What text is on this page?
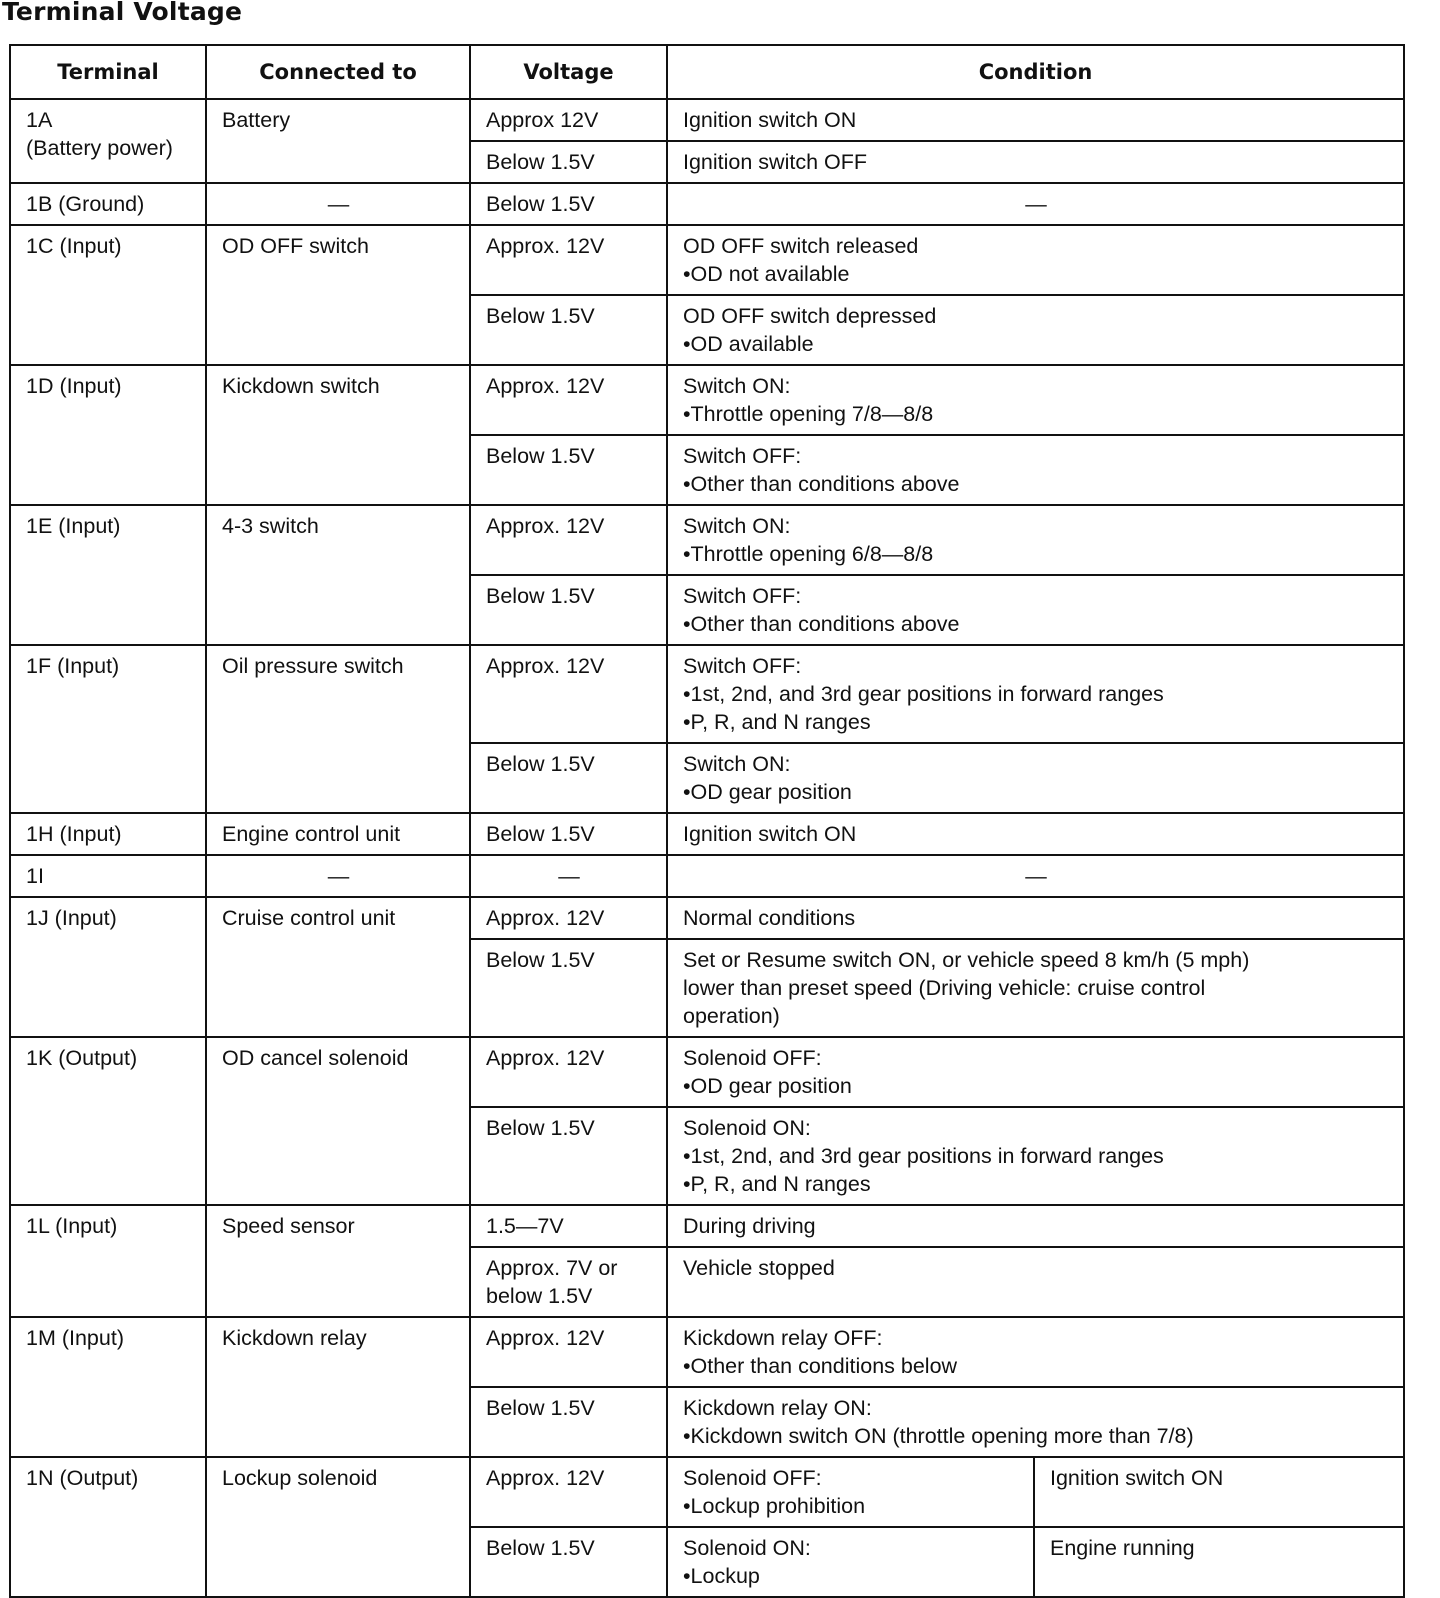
Terminal Voltage
Terminal	Connected to	Voltage	Condition	
1A
(Battery power)	Battery	Approx 12V	Ignition switch ON	
		Below 1.5V	Ignition switch OFF	
1B (Ground)	—	Below 1.5V	—	
1C (Input)	OD OFF switch	Approx. 12V	OD OFF switch released
•OD not available	
		Below 1.5V	OD OFF switch depressed
•OD available	
1D (Input)	Kickdown switch	Approx. 12V	Switch ON:
•Throttle opening 7/8—8/8	
		Below 1.5V	Switch OFF:
•Other than conditions above	
1E (Input)	4-3 switch	Approx. 12V	Switch ON:
•Throttle opening 6/8—8/8	
		Below 1.5V	Switch OFF:
•Other than conditions above	
1F (Input)	Oil pressure switch	Approx. 12V	Switch OFF:
•1st, 2nd, and 3rd gear positions in forward ranges
•P, R, and N ranges	
		Below 1.5V	Switch ON:
•OD gear position	
1H (Input)	Engine control unit	Below 1.5V	Ignition switch ON	
1I	—	—	—	
1J (Input)	Cruise control unit	Approx. 12V	Normal conditions	
		Below 1.5V	Set or Resume switch ON, or vehicle speed 8 km/h (5 mph)
lower than preset speed (Driving vehicle: cruise control
operation)	
1K (Output)	OD cancel solenoid	Approx. 12V	Solenoid OFF:
•OD gear position	
		Below 1.5V	Solenoid ON:
•1st, 2nd, and 3rd gear positions in forward ranges
•P, R, and N ranges	
1L (Input)	Speed sensor	1.5—7V	During driving	
		Approx. 7V or
below 1.5V	Vehicle stopped	
1M (Input)	Kickdown relay	Approx. 12V	Kickdown relay OFF:
•Other than conditions below	
		Below 1.5V	Kickdown relay ON:
•Kickdown switch ON (throttle opening more than 7/8)	
1N (Output)	Lockup solenoid	Approx. 12V	Solenoid OFF:
•Lockup prohibition	Ignition switch ON
		Below 1.5V	Solenoid ON:
•Lockup	Engine running
